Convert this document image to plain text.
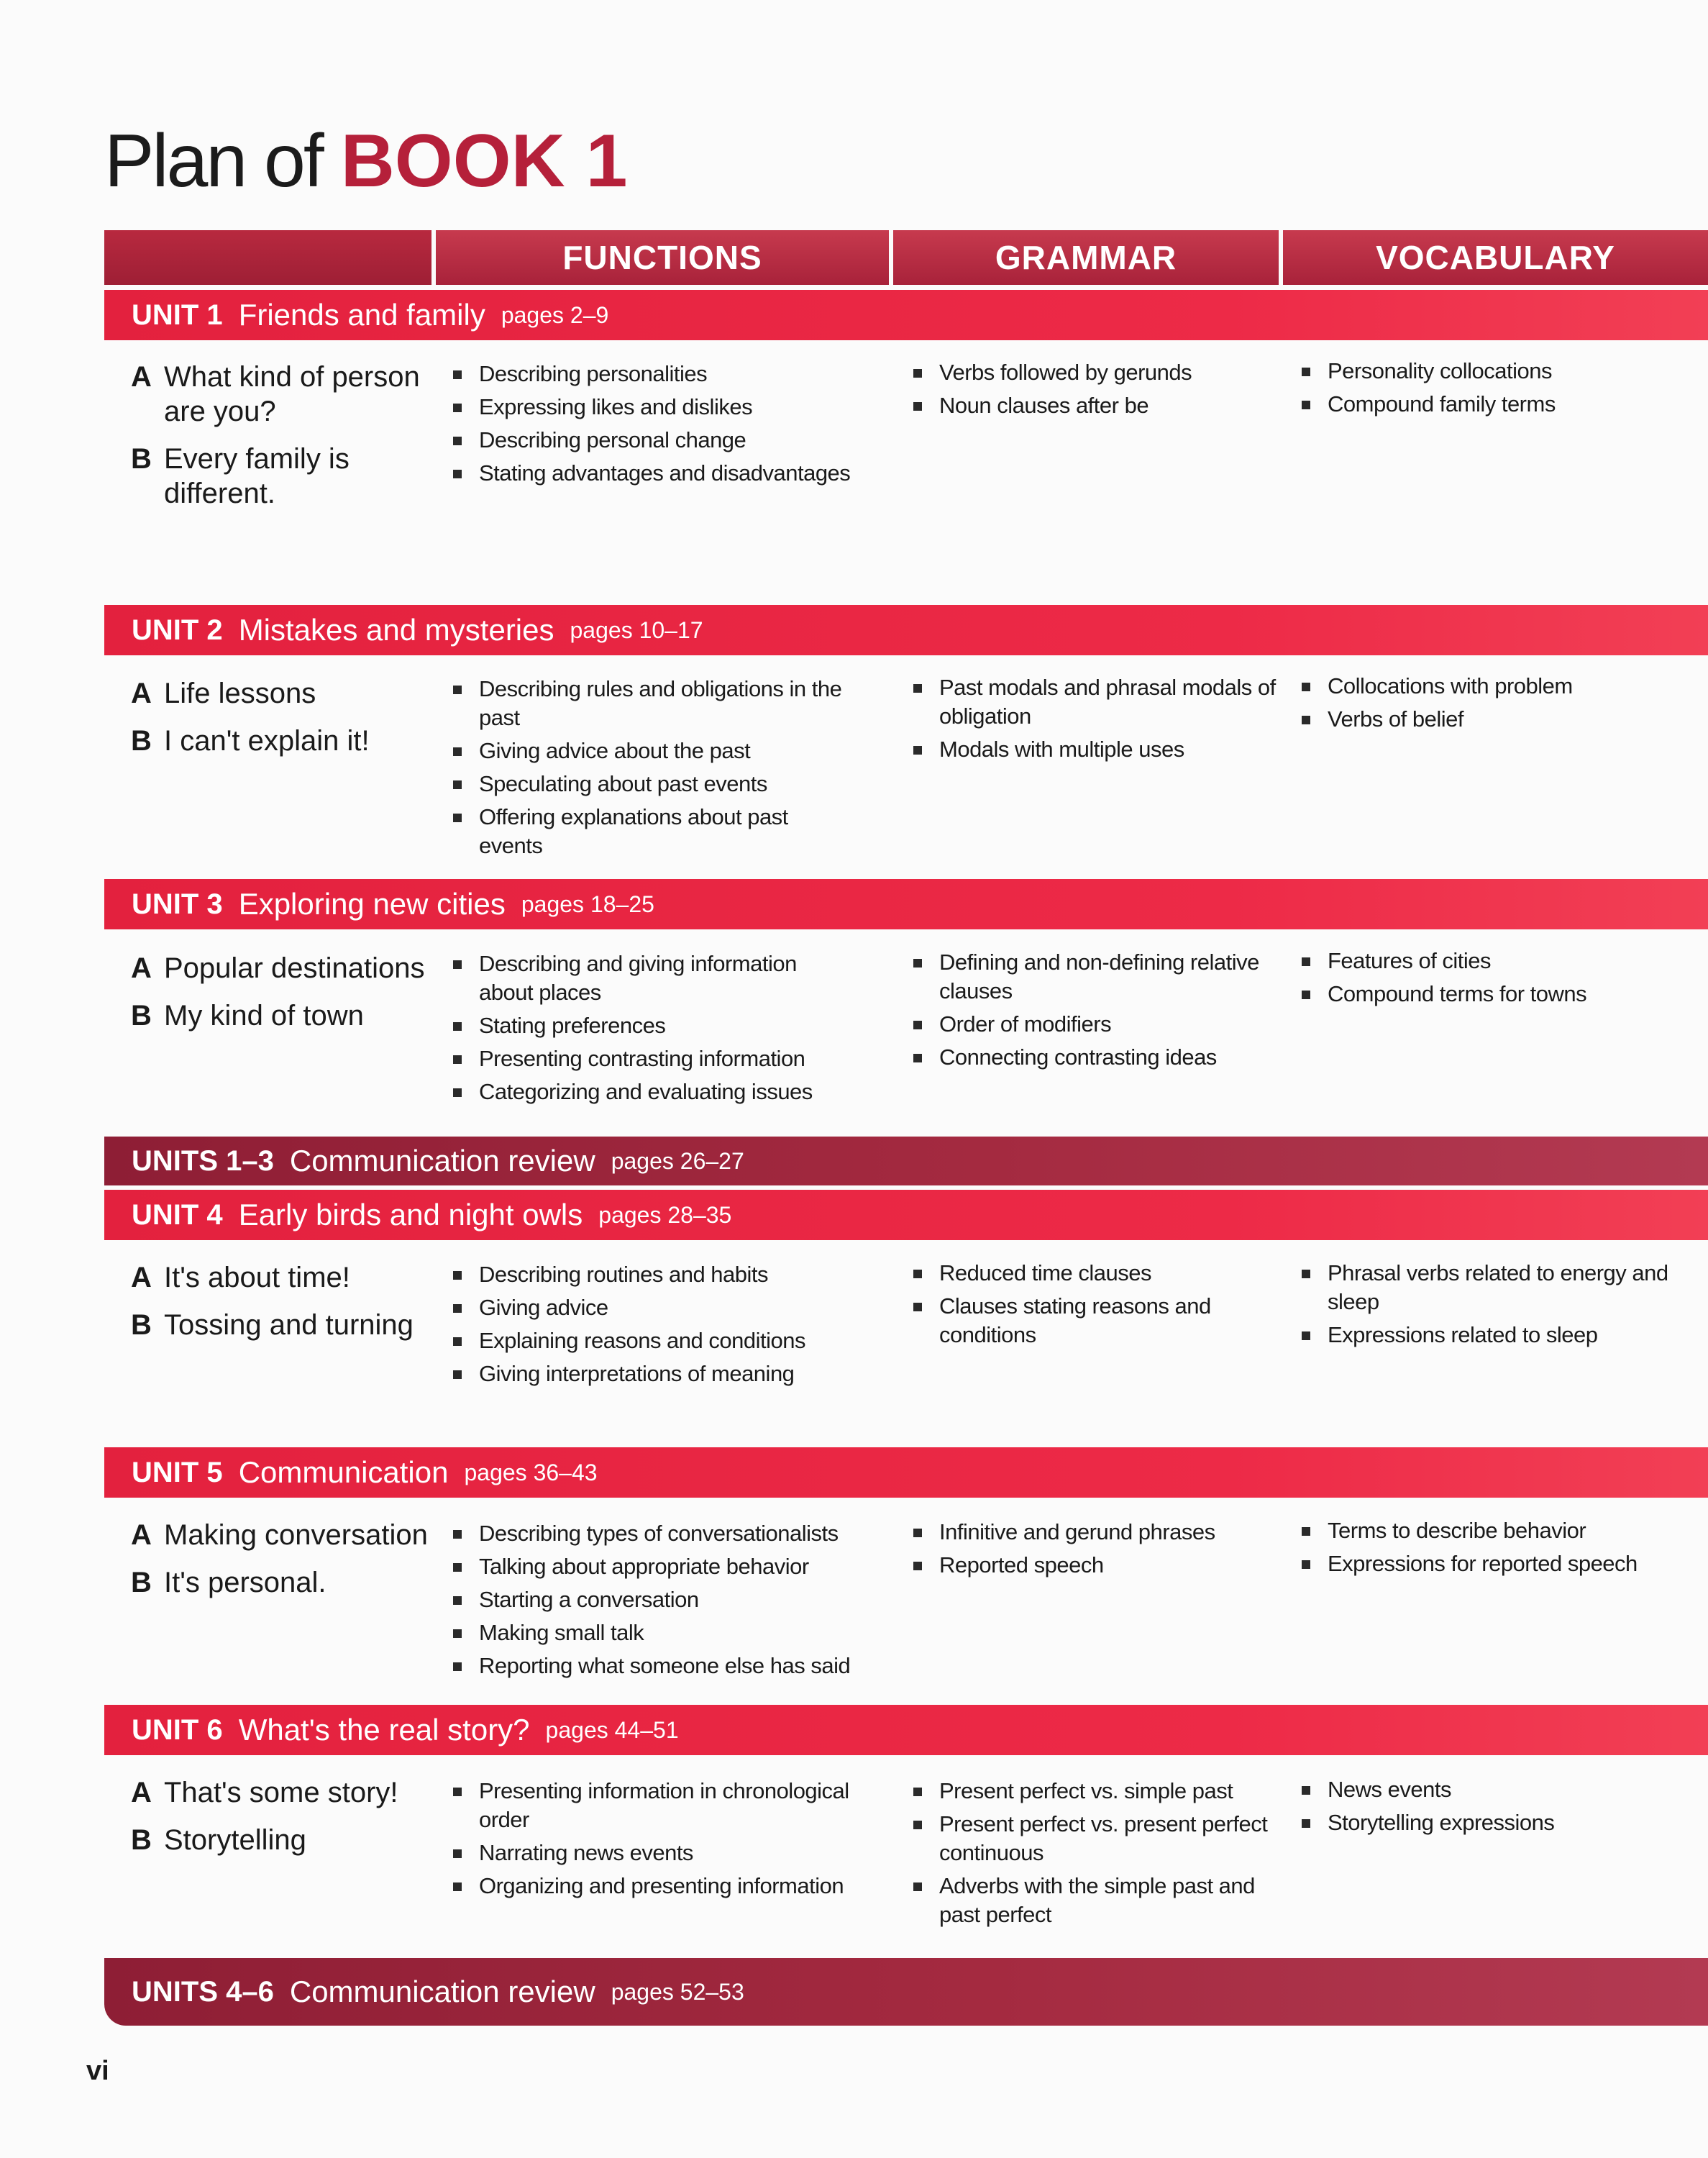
Plan of BOOK 1
FUNCTIONS	GRAMMAR	VOCABULARY
UNIT 1 Friends and family pages 2–9
A What kind of person are you?
B Every family is different.
Describing personalities
Expressing likes and dislikes
Describing personal change
Stating advantages and disadvantages
Verbs followed by gerunds
Noun clauses after be
Personality collocations
Compound family terms
UNIT 2 Mistakes and mysteries pages 10–17
A Life lessons
B I can't explain it!
Describing rules and obligations in the past
Giving advice about the past
Speculating about past events
Offering explanations about past events
Past modals and phrasal modals of obligation
Modals with multiple uses
Collocations with problem
Verbs of belief
UNIT 3 Exploring new cities pages 18–25
A Popular destinations
B My kind of town
Describing and giving information about places
Stating preferences
Presenting contrasting information
Categorizing and evaluating issues
Defining and non-defining relative clauses
Order of modifiers
Connecting contrasting ideas
Features of cities
Compound terms for towns
UNITS 1–3 Communication review pages 26–27
UNIT 4 Early birds and night owls pages 28–35
A It's about time!
B Tossing and turning
Describing routines and habits
Giving advice
Explaining reasons and conditions
Giving interpretations of meaning
Reduced time clauses
Clauses stating reasons and conditions
Phrasal verbs related to energy and sleep
Expressions related to sleep
UNIT 5 Communication pages 36–43
A Making conversation
B It's personal.
Describing types of conversationalists
Talking about appropriate behavior
Starting a conversation
Making small talk
Reporting what someone else has said
Infinitive and gerund phrases
Reported speech
Terms to describe behavior
Expressions for reported speech
UNIT 6 What's the real story? pages 44–51
A That's some story!
B Storytelling
Presenting information in chronological order
Narrating news events
Organizing and presenting information
Present perfect vs. simple past
Present perfect vs. present perfect continuous
Adverbs with the simple past and past perfect
News events
Storytelling expressions
UNITS 4–6 Communication review pages 52–53
vi
